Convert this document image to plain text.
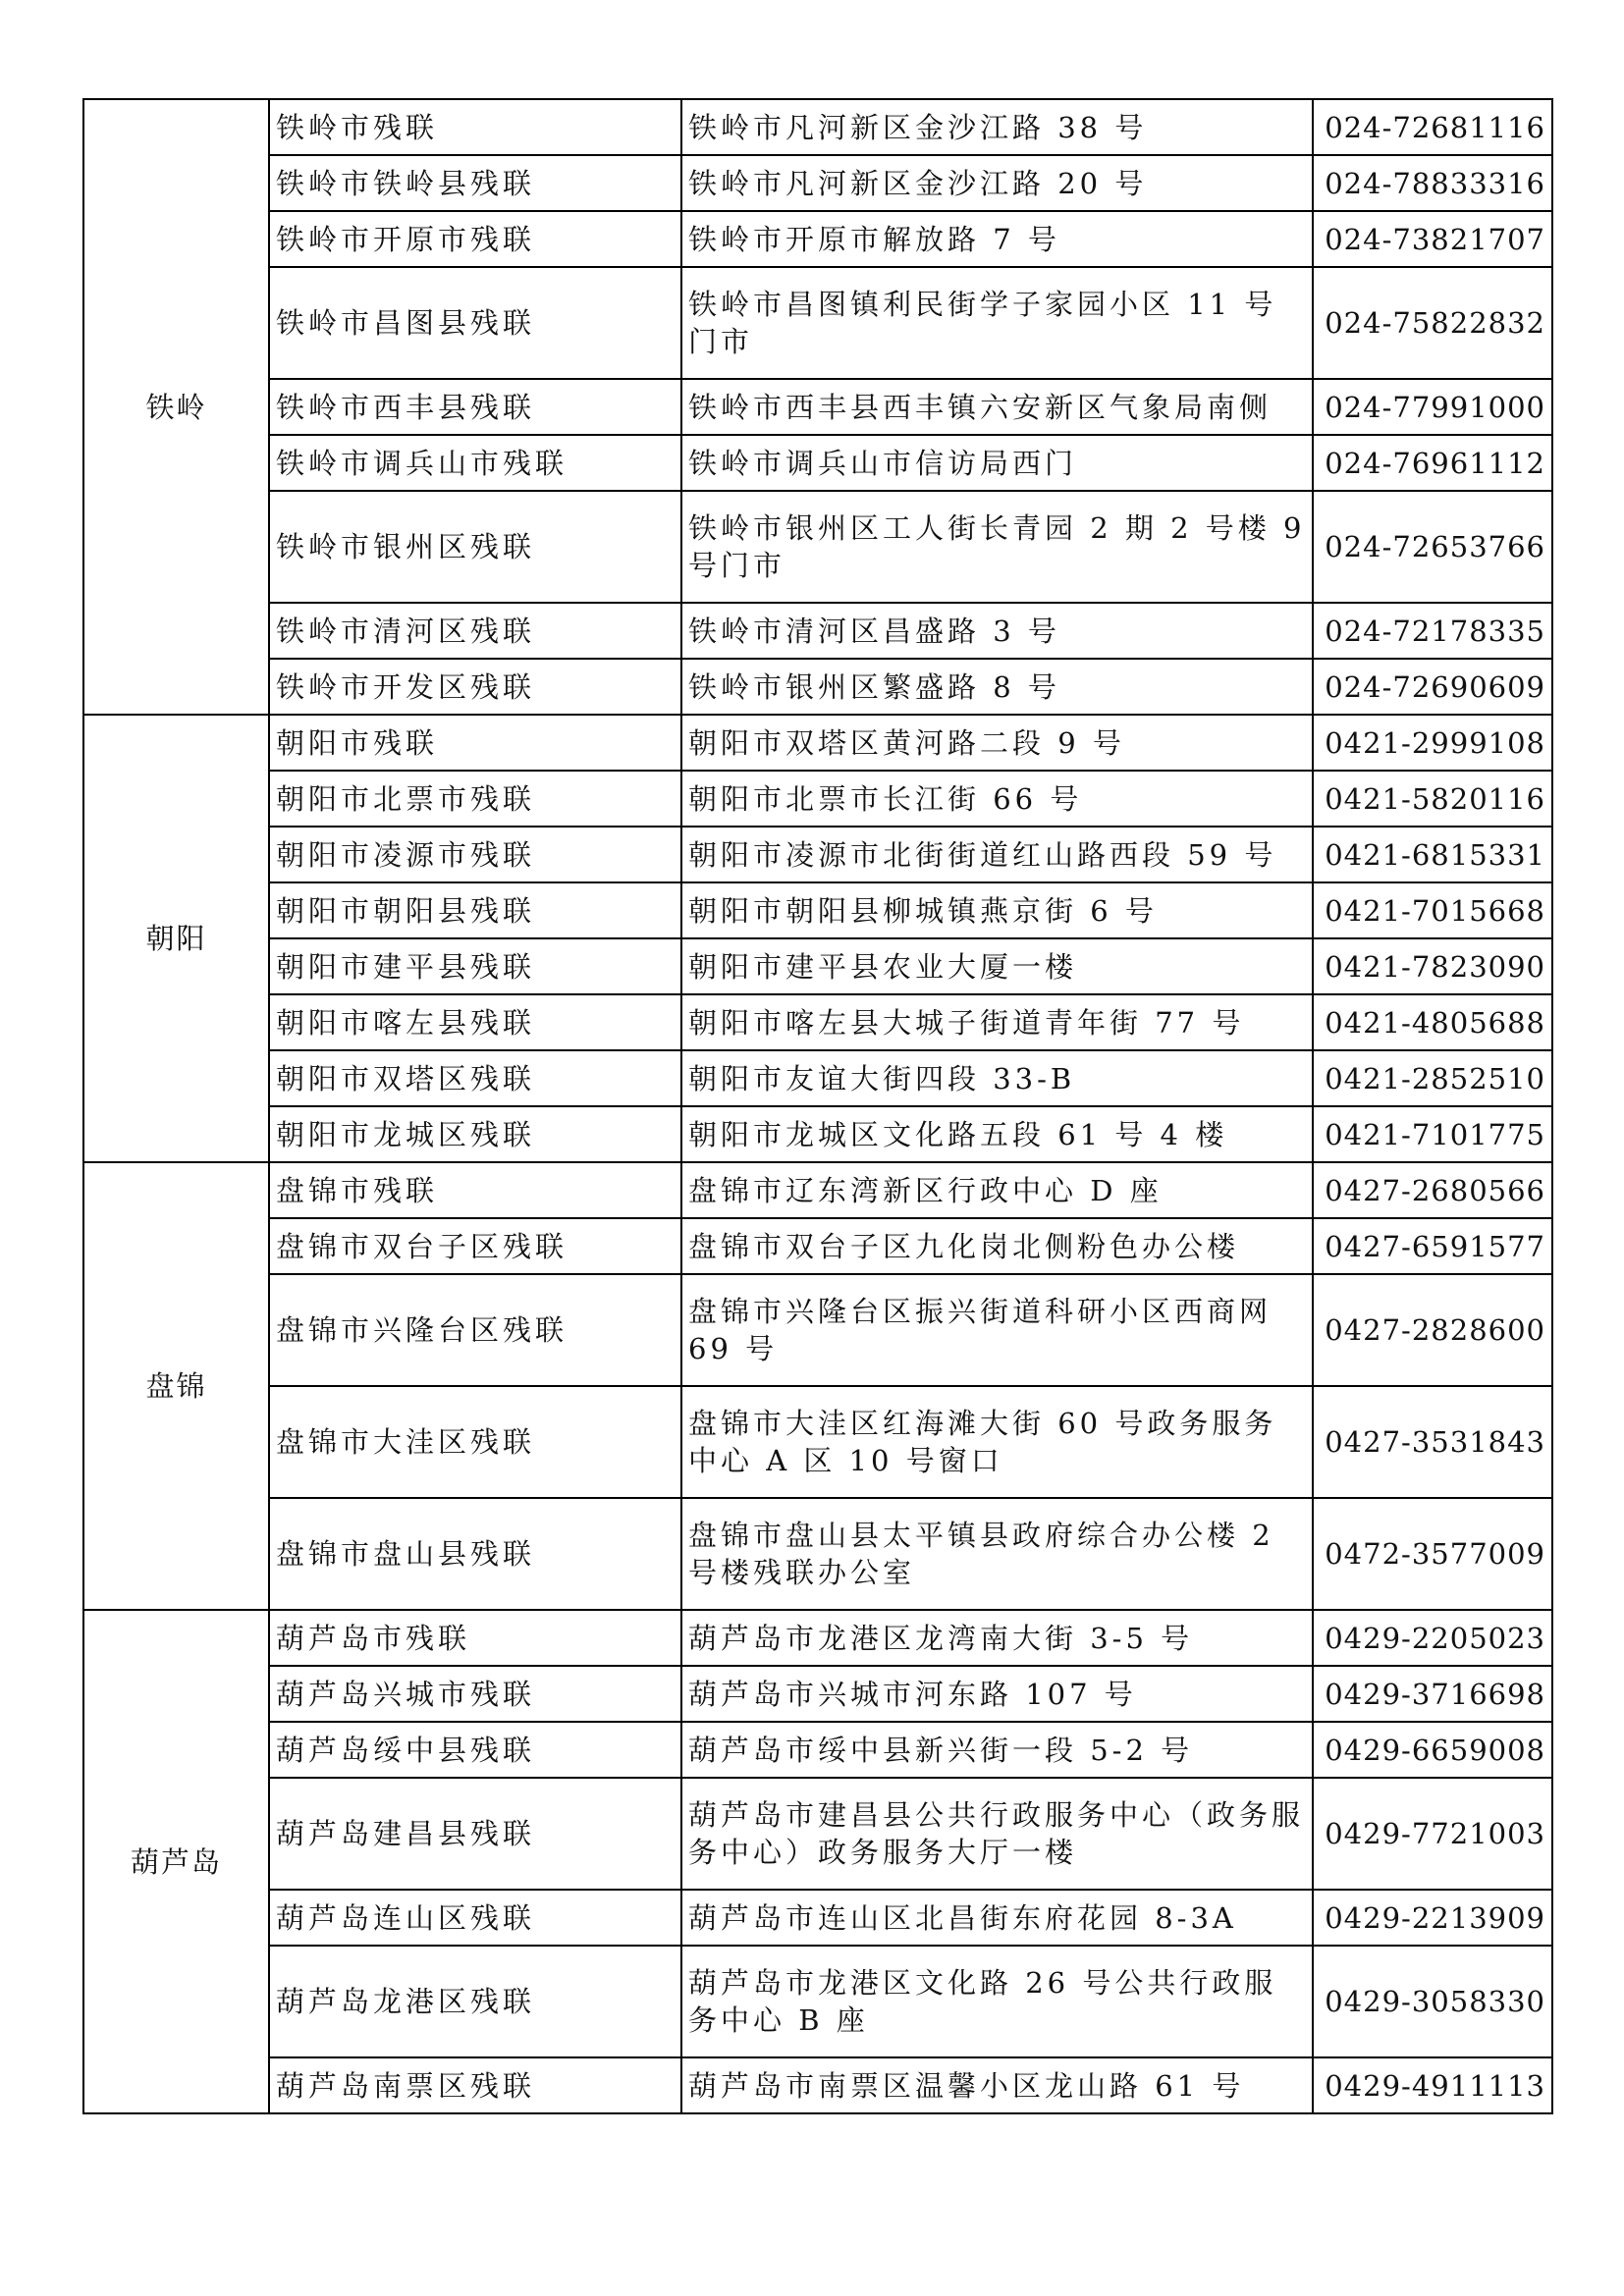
铁岭	铁岭市残联	铁岭市凡河新区金沙江路 38 号	024-72681116
	铁岭市铁岭县残联	铁岭市凡河新区金沙江路 20 号	024-78833316
	铁岭市开原市残联	铁岭市开原市解放路 7 号	024-73821707
	铁岭市昌图县残联	铁岭市昌图镇利民街学子家园小区 11 号门市	024-75822832
	铁岭市西丰县残联	铁岭市西丰县西丰镇六安新区气象局南侧	024-77991000
	铁岭市调兵山市残联	铁岭市调兵山市信访局西门	024-76961112
	铁岭市银州区残联	铁岭市银州区工人街长青园 2 期 2 号楼 9 号门市	024-72653766
	铁岭市清河区残联	铁岭市清河区昌盛路 3 号	024-72178335
	铁岭市开发区残联	铁岭市银州区繁盛路 8 号	024-72690609
朝阳	朝阳市残联	朝阳市双塔区黄河路二段 9 号	0421-2999108
	朝阳市北票市残联	朝阳市北票市长江街 66 号	0421-5820116
	朝阳市凌源市残联	朝阳市凌源市北街街道红山路西段 59 号	0421-6815331
	朝阳市朝阳县残联	朝阳市朝阳县柳城镇燕京街 6 号	0421-7015668
	朝阳市建平县残联	朝阳市建平县农业大厦一楼	0421-7823090
	朝阳市喀左县残联	朝阳市喀左县大城子街道青年街 77 号	0421-4805688
	朝阳市双塔区残联	朝阳市友谊大街四段 33-B	0421-2852510
	朝阳市龙城区残联	朝阳市龙城区文化路五段 61 号 4 楼	0421-7101775
盘锦	盘锦市残联	盘锦市辽东湾新区行政中心 D 座	0427-2680566
	盘锦市双台子区残联	盘锦市双台子区九化岗北侧粉色办公楼	0427-6591577
	盘锦市兴隆台区残联	盘锦市兴隆台区振兴街道科研小区西商网 69 号	0427-2828600
	盘锦市大洼区残联	盘锦市大洼区红海滩大街 60 号政务服务中心 A 区 10 号窗口	0427-3531843
	盘锦市盘山县残联	盘锦市盘山县太平镇县政府综合办公楼 2 号楼残联办公室	0472-3577009
葫芦岛	葫芦岛市残联	葫芦岛市龙港区龙湾南大街 3-5 号	0429-2205023
	葫芦岛兴城市残联	葫芦岛市兴城市河东路 107 号	0429-3716698
	葫芦岛绥中县残联	葫芦岛市绥中县新兴街一段 5-2 号	0429-6659008
	葫芦岛建昌县残联	葫芦岛市建昌县公共行政服务中心（政务服务中心）政务服务大厅一楼	0429-7721003
	葫芦岛连山区残联	葫芦岛市连山区北昌街东府花园 8-3A	0429-2213909
	葫芦岛龙港区残联	葫芦岛市龙港区文化路 26 号公共行政服务中心 B 座	0429-3058330
	葫芦岛南票区残联	葫芦岛市南票区温馨小区龙山路 61 号	0429-4911113
